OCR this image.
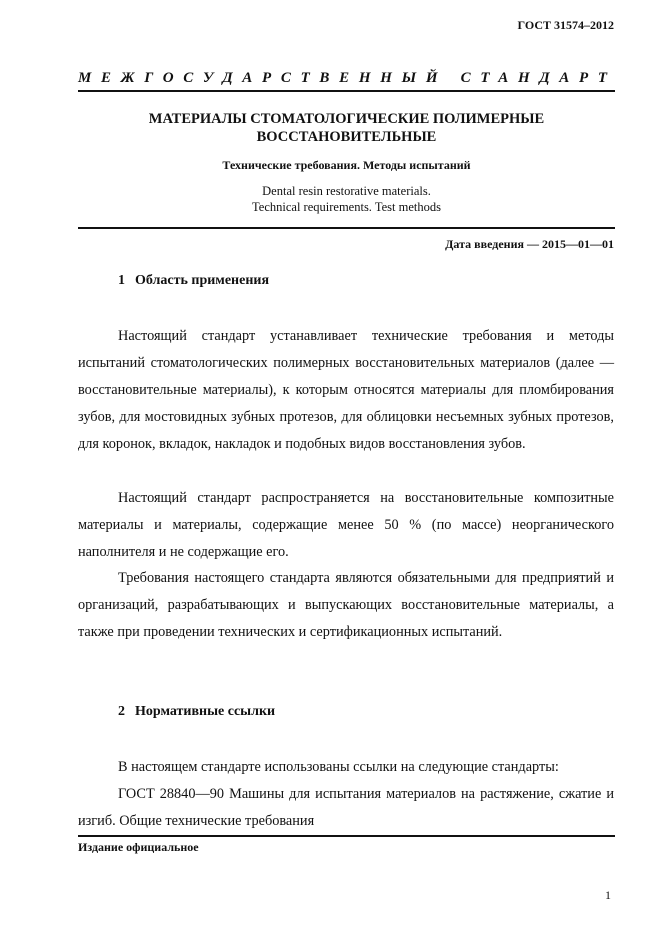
ГОСТ 31574–2012
МЕЖГОСУДАРСТВЕННЫЙ СТАНДАРТ
МАТЕРИАЛЫ СТОМАТОЛОГИЧЕСКИЕ ПОЛИМЕРНЫЕ
ВОССТАНОВИТЕЛЬНЫЕ
Технические требования. Методы испытаний
Dental resin restorative materials.
Technical requirements. Test methods
Дата введения — 2015—01—01
1 Область применения
Настоящий стандарт устанавливает технические требования и методы испытаний стоматологических полимерных восстановительных материалов (далее — восстановительные материалы), к которым относятся материалы для пломбирования зубов, для мостовидных зубных протезов, для облицовки несъемных зубных протезов, для коронок, вкладок, накладок и подобных видов восстановления зубов.
Настоящий стандарт распространяется на восстановительные композитные материалы и материалы, содержащие менее 50 % (по массе) неорганического наполнителя и не содержащие его.
Требования настоящего стандарта являются обязательными для предприятий и организаций, разрабатывающих и выпускающих восстановительные материалы, а также при проведении технических и сертификационных испытаний.
2 Нормативные ссылки
В настоящем стандарте использованы ссылки на следующие стандарты:
ГОСТ 28840—90 Машины для испытания материалов на растяжение, сжатие и изгиб. Общие технические требования
Издание официальное
1
